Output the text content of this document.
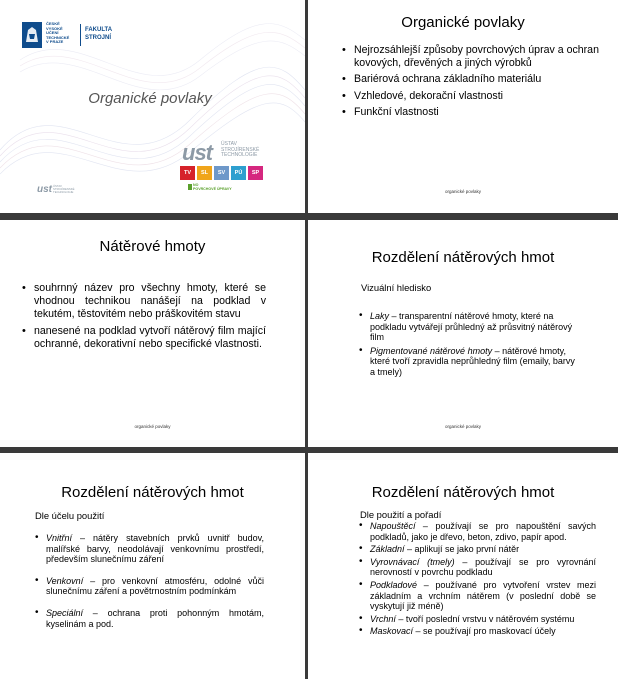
ČESKÉ
VYSOKÉ
UČENÍ
TECHNICKÉ
V PRAZE
FAKULTA
STROJNÍ
Organické povlaky
ust ÚSTAV
STROJÍRENSKÉ
TECHNOLOGIE
TV	SL	SV	PÚ	SP
NO
POVRCHOVÉ ÚPRAVY
ust ÚSTAV
STROJÍRENSKÉ
TECHNOLOGIE
Organické povlaky
• Nejrozsáhlejší způsoby povrchových úprav a ochran kovových, dřevěných a jiných výrobků
• Bariérová ochrana základního materiálu
• Vzhledové, dekorační vlastnosti
• Funkční vlastnosti
organické povlaky
Nátěrové hmoty
• souhrnný název pro všechny hmoty, které se vhodnou technikou nanášejí na podklad v tekutém, těstovitém nebo práškovitém stavu
• nanesené na podklad vytvoří nátěrový film mající ochranné, dekorativní nebo specifické vlastnosti.
organické povlaky
Rozdělení nátěrových hmot
Vizuální hledisko
• Laky – transparentní nátěrové hmoty, které na podkladu vytvářejí průhledný až průsvitný nátěrový film
• Pigmentované nátěrové hmoty – nátěrové hmoty, které tvoří zpravidla neprůhledný film (emaily, barvy a tmely)
organické povlaky
Rozdělení nátěrových hmot
Dle účelu použití
• Vnitřní – nátěry stavebních prvků uvnitř budov, malířské barvy, neodolávají venkovnímu prostředí, především slunečnímu záření
• Venkovní – pro venkovní atmosféru, odolné vůči slunečnímu záření a povětrnostním podmínkám
• Speciální – ochrana proti pohonným hmotám, kyselinám a pod.
Rozdělení nátěrových hmot
Dle použití a pořadí
• Napouštěcí – používají se pro napouštění savých podkladů, jako je dřevo, beton, zdivo, papír apod.
• Základní – aplikují se jako první nátěr
• Vyrovnávací (tmely) – používají se pro vyrovnání nerovností v povrchu podkladu
• Podkladové – používané pro vytvoření vrstev mezi základním a vrchním nátěrem (v poslední době se vyskytují již méně)
• Vrchní – tvoří poslední vrstvu v nátěrovém systému
• Maskovací – se používají pro maskovací účely
